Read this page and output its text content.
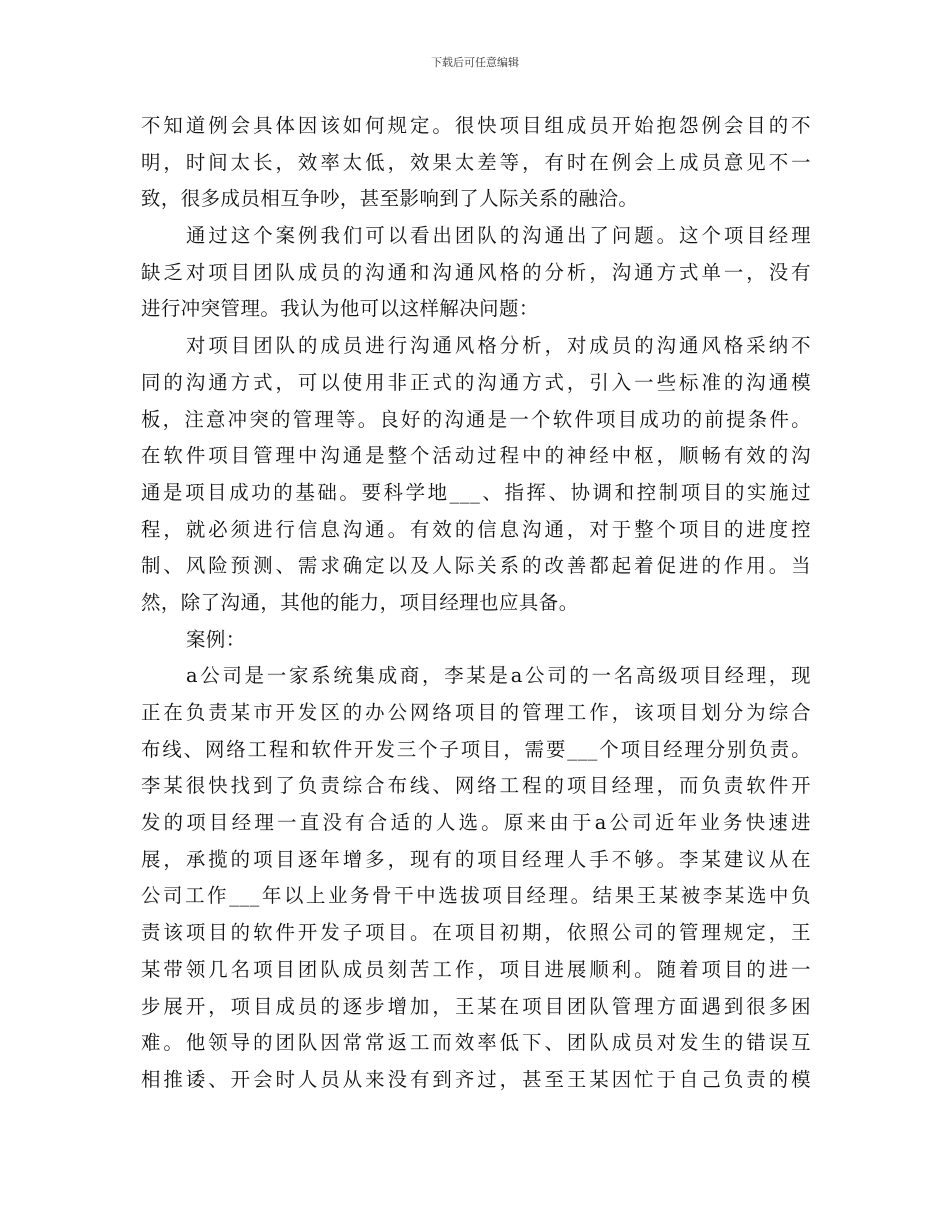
下载后可任意编辑
不知道例会具体因该如何规定。很快项目组成员开始抱怨例会目的不
明，时间太长，效率太低，效果太差等，有时在例会上成员意见不一
致，很多成员相互争吵，甚至影响到了人际关系的融洽。
通过这个案例我们可以看出团队的沟通出了问题。这个项目经理
缺乏对项目团队成员的沟通和沟通风格的分析，沟通方式单一，没有
进行冲突管理。我认为他可以这样解决问题：
对项目团队的成员进行沟通风格分析，对成员的沟通风格采纳不
同的沟通方式，可以使用非正式的沟通方式，引入一些标准的沟通模
板，注意冲突的管理等。良好的沟通是一个软件项目成功的前提条件。
在软件项目管理中沟通是整个活动过程中的神经中枢，顺畅有效的沟
通是项目成功的基础。要科学地___、指挥、协调和控制项目的实施过
程，就必须进行信息沟通。有效的信息沟通，对于整个项目的进度控
制、风险预测、需求确定以及人际关系的改善都起着促进的作用。当
然，除了沟通，其他的能力，项目经理也应具备。
案例：
a公司是一家系统集成商，李某是a公司的一名高级项目经理，现
正在负责某市开发区的办公网络项目的管理工作，该项目划分为综合
布线、网络工程和软件开发三个子项目，需要___个项目经理分别负责。
李某很快找到了负责综合布线、网络工程的项目经理，而负责软件开
发的项目经理一直没有合适的人选。原来由于a公司近年业务快速进
展，承揽的项目逐年增多，现有的项目经理人手不够。李某建议从在
公司工作___年以上业务骨干中选拔项目经理。结果王某被李某选中负
责该项目的软件开发子项目。在项目初期，依照公司的管理规定，王
某带领几名项目团队成员刻苦工作，项目进展顺利。随着项目的进一
步展开，项目成员的逐步增加，王某在项目团队管理方面遇到很多困
难。他领导的团队因常常返工而效率低下、团队成员对发生的错误互
相推诿、开会时人员从来没有到齐过，甚至王某因忙于自己负责的模
